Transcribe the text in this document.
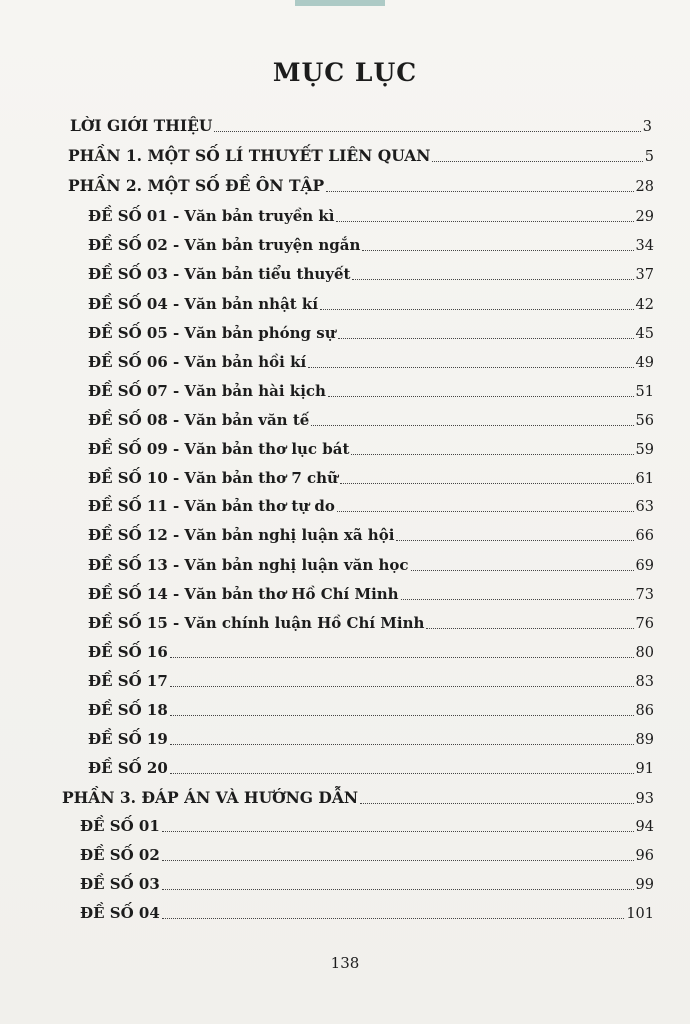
MỤC LỤC
LỜI GIỚI THIỆU	3
PHẦN 1. MỘT SỐ LÍ THUYẾT LIÊN QUAN	5
PHẦN 2. MỘT SỐ ĐỀ ÔN TẬP	28
ĐỀ SỐ 01 - Văn bản truyền kì	29
ĐỀ SỐ 02 - Văn bản truyện ngắn	34
ĐỀ SỐ 03 - Văn bản tiểu thuyết	37
ĐỀ SỐ 04 - Văn bản nhật kí	42
ĐỀ SỐ 05 - Văn bản phóng sự	45
ĐỀ SỐ 06 - Văn bản hồi kí	49
ĐỀ SỐ 07 - Văn bản hài kịch	51
ĐỀ SỐ 08 - Văn bản văn tế	56
ĐỀ SỐ 09 - Văn bản thơ lục bát	59
ĐỀ SỐ 10 - Văn bản thơ 7 chữ	61
ĐỀ SỐ 11 - Văn bản thơ tự do	63
ĐỀ SỐ 12 - Văn bản nghị luận xã hội	66
ĐỀ SỐ 13 - Văn bản nghị luận văn học	69
ĐỀ SỐ 14 - Văn bản thơ Hồ Chí Minh	73
ĐỀ SỐ 15 - Văn chính luận Hồ Chí Minh	76
ĐỀ SỐ 16	80
ĐỀ SỐ 17	83
ĐỀ SỐ 18	86
ĐỀ SỐ 19	89
ĐỀ SỐ 20	91
PHẦN 3. ĐÁP ÁN VÀ HƯỚNG DẪN	93
ĐỀ SỐ 01	94
ĐỀ SỐ 02	96
ĐỀ SỐ 03	99
ĐỀ SỐ 04	101
138
